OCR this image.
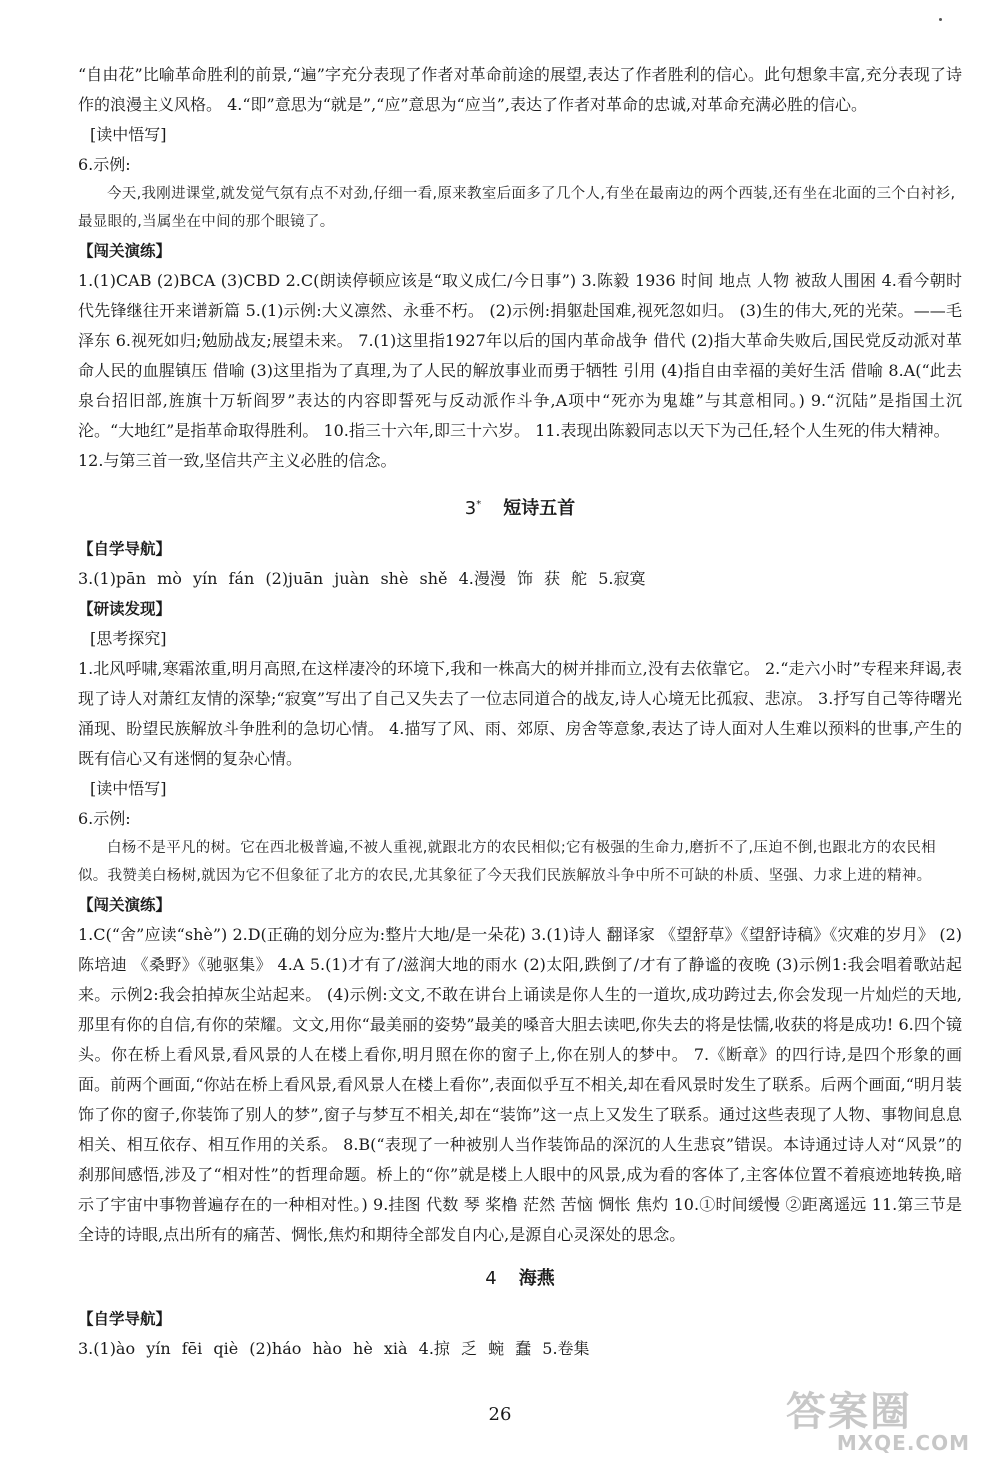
“自由花”比喻革命胜利的前景,“遍”字充分表现了作者对革命前途的展望,表达了作者胜利的信心。此句想象丰富,充分表现了诗作的浪漫主义风格。 4.“即”意思为“就是”,“应”意思为“应当”,表达了作者对革命的忠诚,对革命充满必胜的信心。

[读中悟写]

6.示例:

今天,我刚进课堂,就发觉气氛有点不对劲,仔细一看,原来教室后面多了几个人,有坐在最南边的两个西装,还有坐在北面的三个白衬衫,最显眼的,当属坐在中间的那个眼镜了。

【闯关演练】

1.(1)CAB (2)BCA (3)CBD 2.C(朗读停顿应该是“取义成仁/今日事”) 3.陈毅 1936 时间 地点 人物 被敌人围困 4.看今朝时代先锋继往开来谱新篇 5.(1)示例:大义凛然、永垂不朽。 (2)示例:捐躯赴国难,视死忽如归。 (3)生的伟大,死的光荣。——毛泽东 6.视死如归;勉励战友;展望未来。 7.(1)这里指1927年以后的国内革命战争 借代 (2)指大革命失败后,国民党反动派对革命人民的血腥镇压 借喻 (3)这里指为了真理,为了人民的解放事业而勇于牺牲 引用 (4)指自由幸福的美好生活 借喻 8.A(“此去泉台招旧部,旌旗十万斩阎罗”表达的内容即誓死与反动派作斗争,A项中“死亦为鬼雄”与其意相同。) 9.“沉陆”是指国土沉沦。“大地红”是指革命取得胜利。 10.指三十六年,即三十六岁。 11.表现出陈毅同志以天下为己任,轻个人生死的伟大精神。

12.与第三首一致,坚信共产主义必胜的信念。

3* 短诗五首

【自学导航】

3.(1)pān mò yín fán (2)juān juàn shè shě 4.漫漫 饰 获 舵 5.寂寞

【研读发现】

[思考探究]

1.北风呼啸,寒霜浓重,明月高照,在这样凄冷的环境下,我和一株高大的树并排而立,没有去依靠它。 2.“走六小时”专程来拜谒,表现了诗人对萧红友情的深挚;“寂寞”写出了自己又失去了一位志同道合的战友,诗人心境无比孤寂、悲凉。 3.抒写自己等待曙光涌现、盼望民族解放斗争胜利的急切心情。 4.描写了风、雨、郊原、房舍等意象,表达了诗人面对人生难以预料的世事,产生的既有信心又有迷惘的复杂心情。

[读中悟写]

6.示例:

白杨不是平凡的树。它在西北极普遍,不被人重视,就跟北方的农民相似;它有极强的生命力,磨折不了,压迫不倒,也跟北方的农民相似。我赞美白杨树,就因为它不但象征了北方的农民,尤其象征了今天我们民族解放斗争中所不可缺的朴质、坚强、力求上进的精神。

【闯关演练】

1.C(“舍”应读“shè”) 2.D(正确的划分应为:整片大地/是一朵花) 3.(1)诗人 翻译家 《望舒草》《望舒诗稿》《灾难的岁月》 (2)陈培迪 《桑野》《驰驱集》 4.A 5.(1)才有了/滋润大地的雨水 (2)太阳,跌倒了/才有了静谧的夜晚 (3)示例1:我会唱着歌站起来。示例2:我会拍掉灰尘站起来。 (4)示例:文文,不敢在讲台上诵读是你人生的一道坎,成功跨过去,你会发现一片灿烂的天地,那里有你的自信,有你的荣耀。文文,用你“最美丽的姿势”最美的嗓音大胆去读吧,你失去的将是怯懦,收获的将是成功! 6.四个镜头。你在桥上看风景,看风景的人在楼上看你,明月照在你的窗子上,你在别人的梦中。 7.《断章》的四行诗,是四个形象的画面。前两个画面,“你站在桥上看风景,看风景人在楼上看你”,表面似乎互不相关,却在看风景时发生了联系。后两个画面,“明月装饰了你的窗子,你装饰了别人的梦”,窗子与梦互不相关,却在“装饰”这一点上又发生了联系。通过这些表现了人物、事物间息息相关、相互依存、相互作用的关系。 8.B(“表现了一种被别人当作装饰品的深沉的人生悲哀”错误。本诗通过诗人对“风景”的刹那间感悟,涉及了“相对性”的哲理命题。桥上的“你”就是楼上人眼中的风景,成为看的客体了,主客体位置不着痕迹地转换,暗示了宇宙中事物普遍存在的一种相对性。) 9.挂图 代数 琴 桨橹 茫然 苦恼 惆怅 焦灼 10.①时间缓慢 ②距离遥远 11.第三节是全诗的诗眼,点出所有的痛苦、惆怅,焦灼和期待全部发自内心,是源自心灵深处的思念。

4 海燕

【自学导航】

3.(1)ào yín fēi qiè (2)háo hào hè xià 4.掠 乏 蜿 蠢 5.卷集

26	答案圈
MXQE.COM
